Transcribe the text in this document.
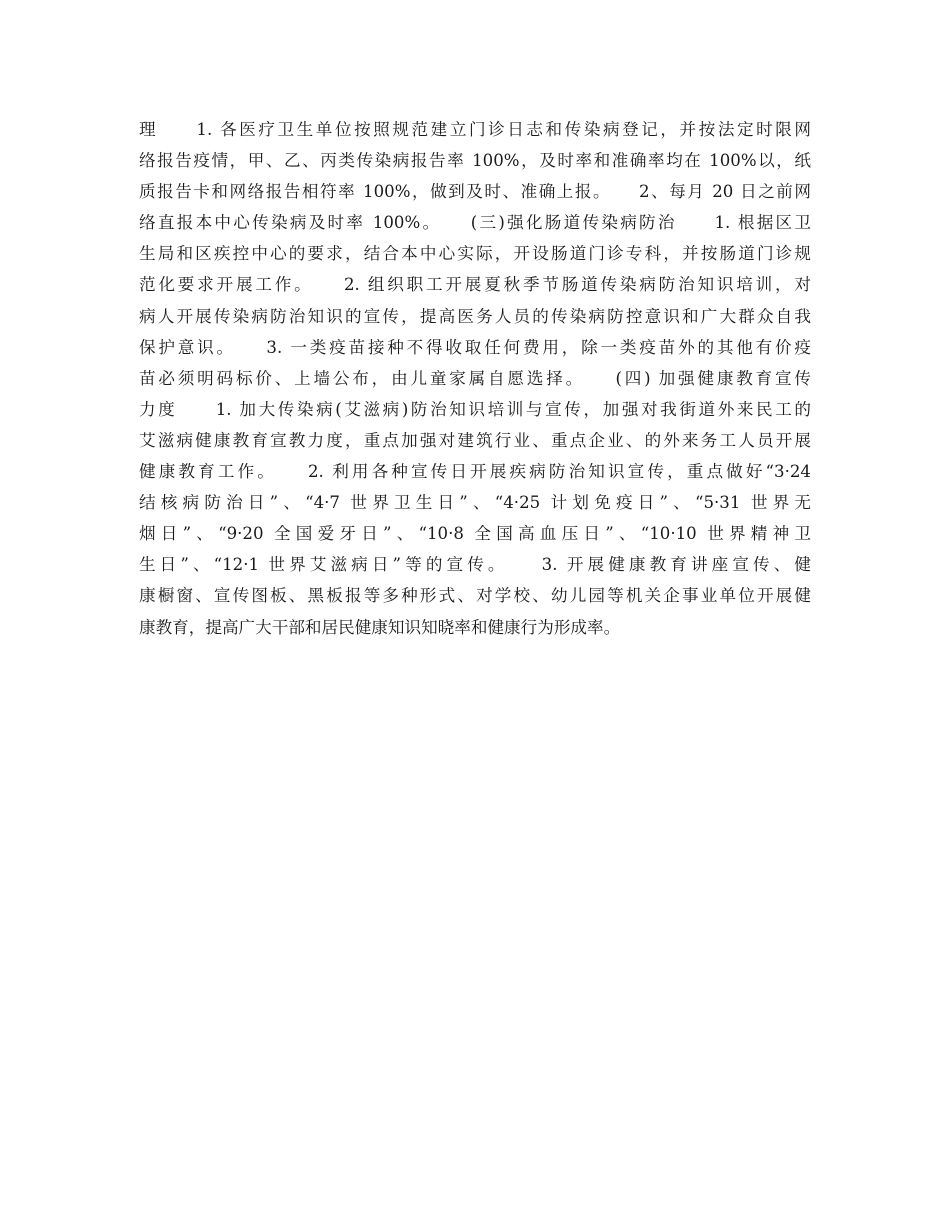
理　　1. 各医疗卫生单位按照规范建立门诊日志和传染病登记，并按法定时限网
络报告疫情，甲、乙、丙类传染病报告率 100%，及时率和准确率均在 100%以，纸
质报告卡和网络报告相符率 100%，做到及时、准确上报。　　2、每月 20 日之前网
络直报本中心传染病及时率 100%。　　(三)强化肠道传染病防治　　1. 根据区卫
生局和区疾控中心的要求，结合本中心实际，开设肠道门诊专科，并按肠道门诊规
范化要求开展工作。　　2. 组织职工开展夏秋季节肠道传染病防治知识培训，对
病人开展传染病防治知识的宣传，提高医务人员的传染病防控意识和广大群众自我
保护意识。　　3. 一类疫苗接种不得收取任何费用，除一类疫苗外的其他有价疫
苗必须明码标价、上墙公布，由儿童家属自愿选择。　　(四) 加强健康教育宣传
力度　　1. 加大传染病(艾滋病)防治知识培训与宣传，加强对我街道外来民工的
艾滋病健康教育宣教力度，重点加强对建筑行业、重点企业、的外来务工人员开展
健康教育工作。　　2. 利用各种宣传日开展疾病防治知识宣传，重点做好“3·24
结核病防治日”、“4·7 世界卫生日”、“4·25 计划免疫日”、“5·31 世界无
烟日”、“9·20 全国爱牙日”、“10·8 全国高血压日”、“10·10 世界精神卫
生日”、“12·1 世界艾滋病日”等的宣传。　　3. 开展健康教育讲座宣传、健
康橱窗、宣传图板、黑板报等多种形式、对学校、幼儿园等机关企事业单位开展健
康教育，提高广大干部和居民健康知识知晓率和健康行为形成率。
